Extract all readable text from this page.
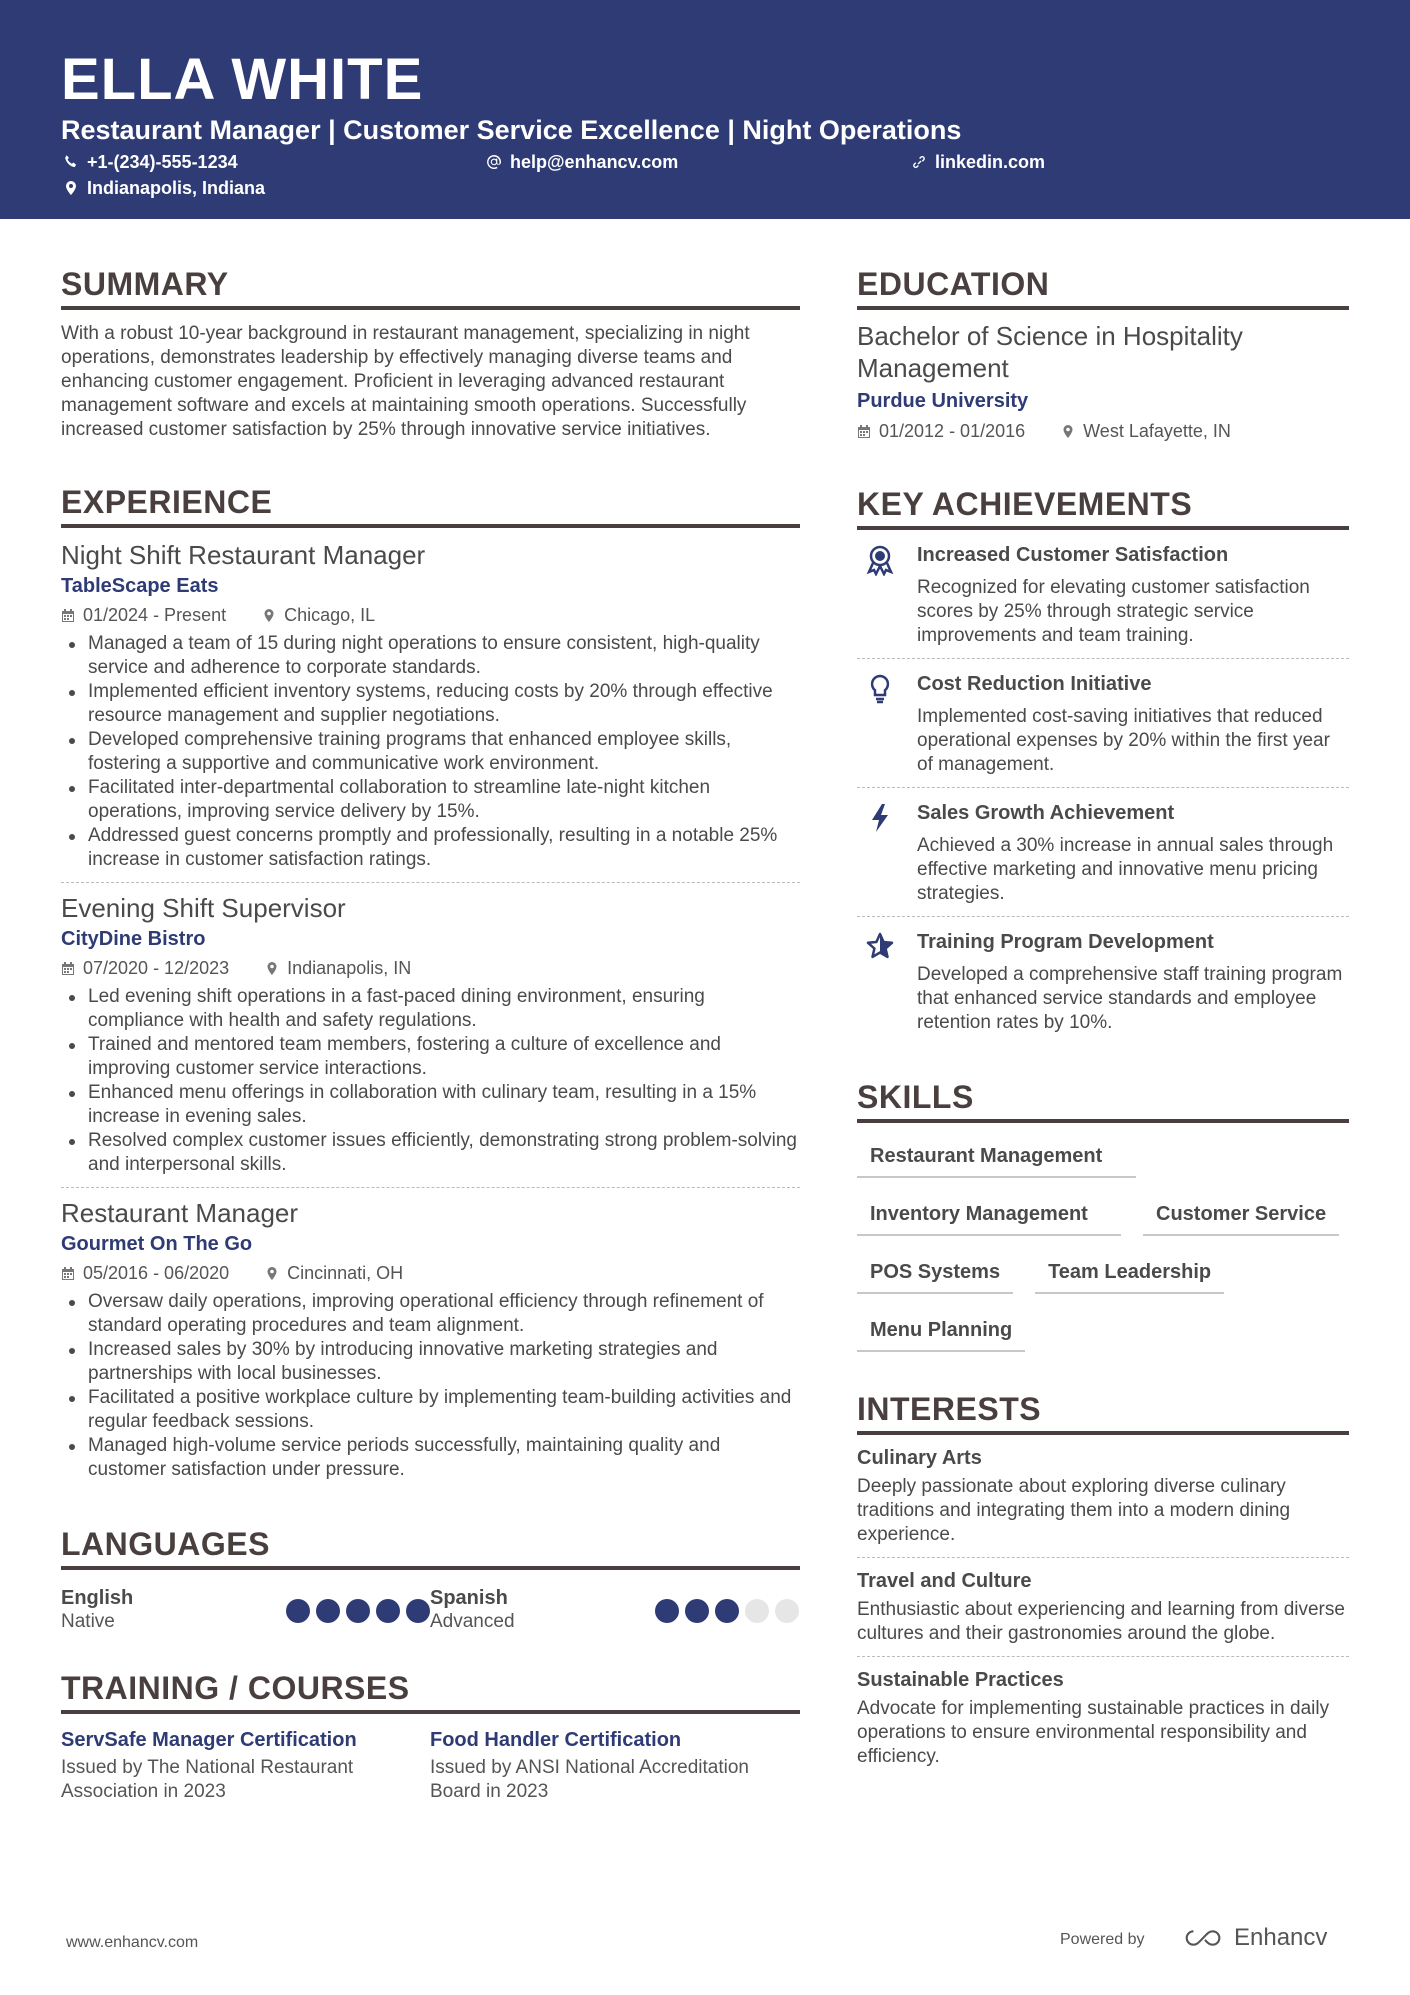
ELLA WHITE
Restaurant Manager | Customer Service Excellence | Night Operations
+1-(234)-555-1234	help@enhancv.com	linkedin.com
Indianapolis, Indiana
SUMMARY
With a robust 10-year background in restaurant management, specializing in night operations, demonstrates leadership by effectively managing diverse teams and enhancing customer engagement. Proficient in leveraging advanced restaurant management software and excels at maintaining smooth operations. Successfully increased customer satisfaction by 25% through innovative service initiatives.
EXPERIENCE
Night Shift Restaurant Manager
TableScape Eats
01/2024 - Present	Chicago, IL
Managed a team of 15 during night operations to ensure consistent, high-quality service and adherence to corporate standards.
Implemented efficient inventory systems, reducing costs by 20% through effective resource management and supplier negotiations.
Developed comprehensive training programs that enhanced employee skills, fostering a supportive and communicative work environment.
Facilitated inter-departmental collaboration to streamline late-night kitchen operations, improving service delivery by 15%.
Addressed guest concerns promptly and professionally, resulting in a notable 25% increase in customer satisfaction ratings.
Evening Shift Supervisor
CityDine Bistro
07/2020 - 12/2023	Indianapolis, IN
Led evening shift operations in a fast-paced dining environment, ensuring compliance with health and safety regulations.
Trained and mentored team members, fostering a culture of excellence and improving customer service interactions.
Enhanced menu offerings in collaboration with culinary team, resulting in a 15% increase in evening sales.
Resolved complex customer issues efficiently, demonstrating strong problem-solving and interpersonal skills.
Restaurant Manager
Gourmet On The Go
05/2016 - 06/2020	Cincinnati, OH
Oversaw daily operations, improving operational efficiency through refinement of standard operating procedures and team alignment.
Increased sales by 30% by introducing innovative marketing strategies and partnerships with local businesses.
Facilitated a positive workplace culture by implementing team-building activities and regular feedback sessions.
Managed high-volume service periods successfully, maintaining quality and customer satisfaction under pressure.
LANGUAGES
English
Native
Spanish
Advanced
TRAINING / COURSES
ServSafe Manager Certification
Issued by The National Restaurant Association in 2023
Food Handler Certification
Issued by ANSI National Accreditation Board in 2023
EDUCATION
Bachelor of Science in Hospitality Management
Purdue University
01/2012 - 01/2016	West Lafayette, IN
KEY ACHIEVEMENTS
Increased Customer Satisfaction
Recognized for elevating customer satisfaction scores by 25% through strategic service improvements and team training.
Cost Reduction Initiative
Implemented cost-saving initiatives that reduced operational expenses by 20% within the first year of management.
Sales Growth Achievement
Achieved a 30% increase in annual sales through effective marketing and innovative menu pricing strategies.
Training Program Development
Developed a comprehensive staff training program that enhanced service standards and employee retention rates by 10%.
SKILLS
Restaurant Management
Inventory Management	Customer Service
POS Systems	Team Leadership
Menu Planning
INTERESTS
Culinary Arts
Deeply passionate about exploring diverse culinary traditions and integrating them into a modern dining experience.
Travel and Culture
Enthusiastic about experiencing and learning from diverse cultures and their gastronomies around the globe.
Sustainable Practices
Advocate for implementing sustainable practices in daily operations to ensure environmental responsibility and efficiency.
www.enhancv.com	Powered by	Enhancv
